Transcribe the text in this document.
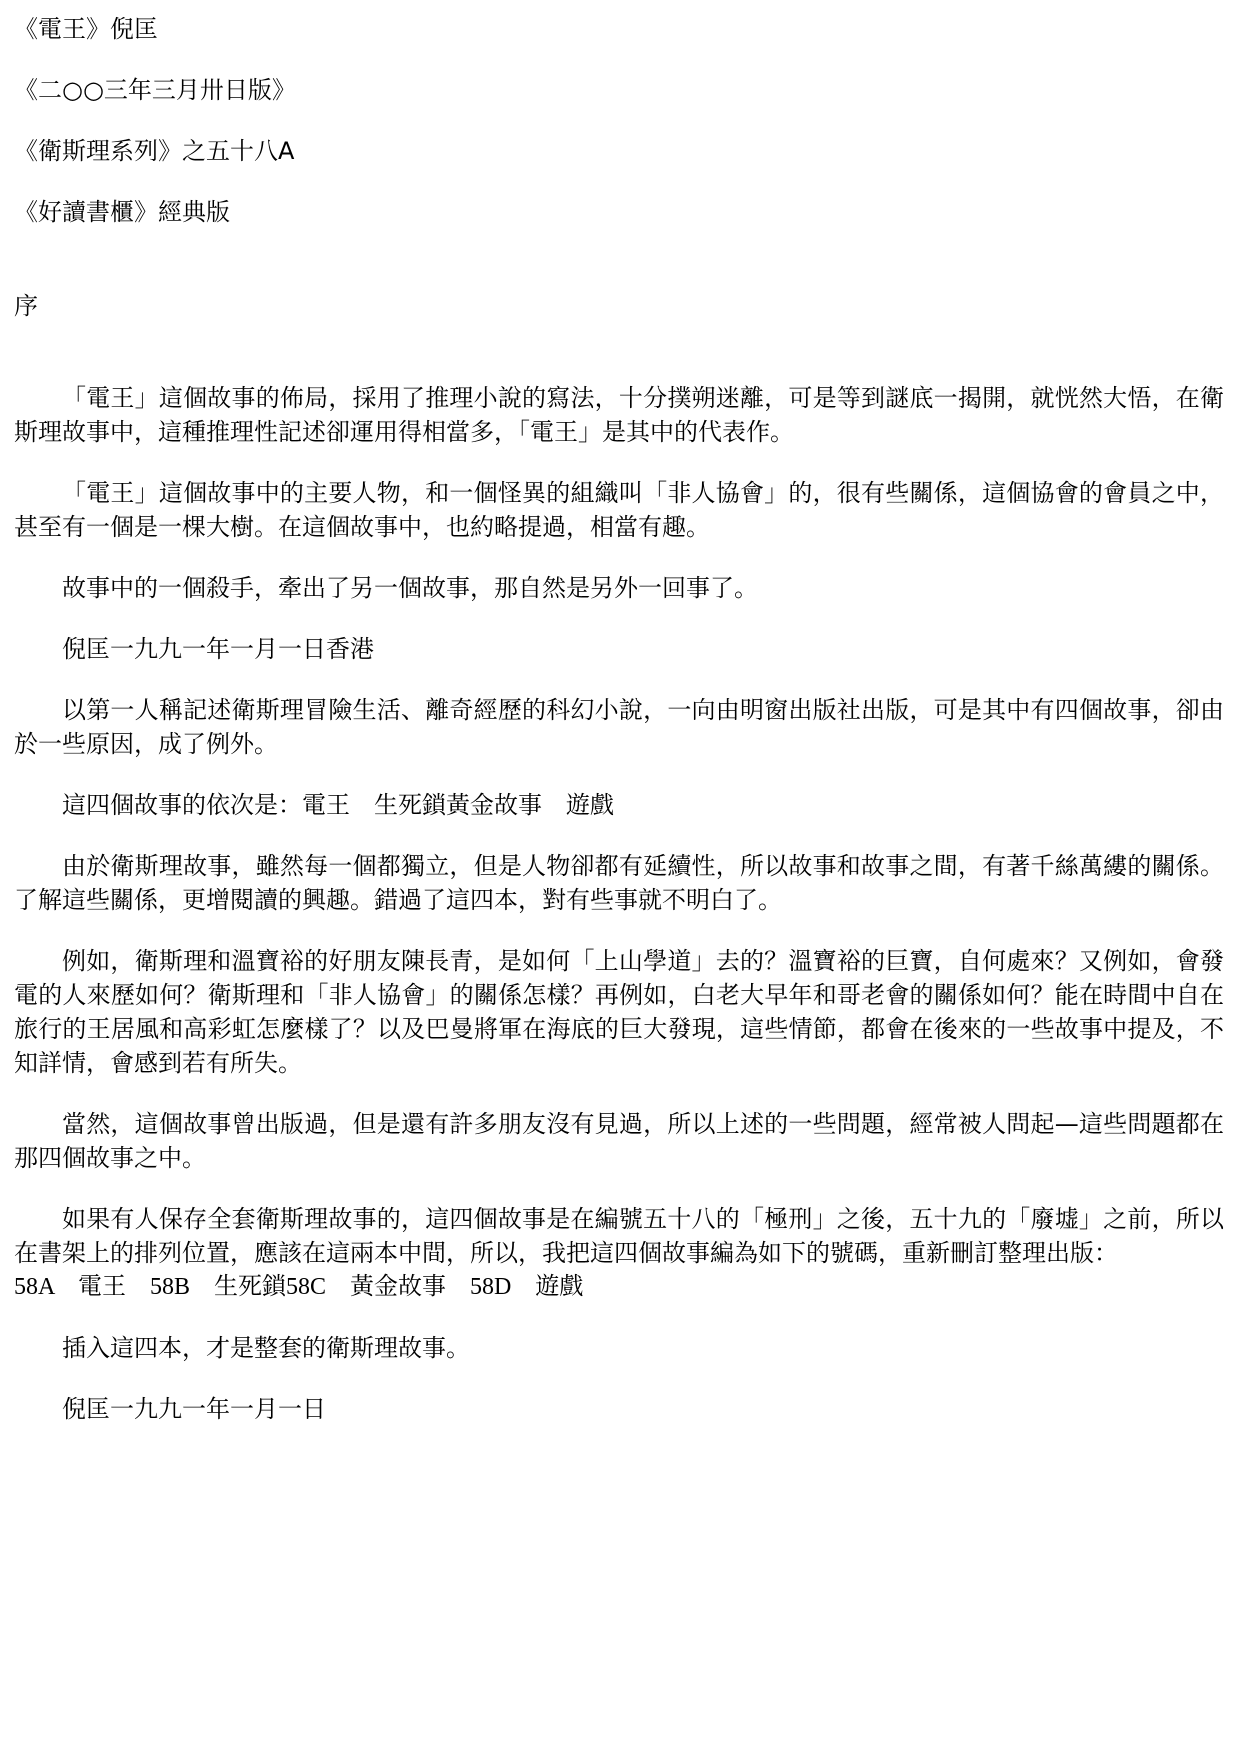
《電王》倪匡
《二○○三年三月卅日版》
《衛斯理系列》之五十八A
《好讀書櫃》經典版
序

「電王」這個故事的佈局，採用了推理小說的寫法，十分撲朔迷離，可是等到謎底一揭開，就恍然大悟，在衛斯理故事中，這種推理性記述卻運用得相當多，「電王」是其中的代表作。

「電王」這個故事中的主要人物，和一個怪異的組織叫「非人協會」的，很有些關係，這個協會的會員之中，甚至有一個是一棵大樹。在這個故事中，也約略提過，相當有趣。

故事中的一個殺手，牽出了另一個故事，那自然是另外一回事了。

倪匡一九九一年一月一日香港

以第一人稱記述衛斯理冒險生活、離奇經歷的科幻小說，一向由明窗出版社出版，可是其中有四個故事，卻由於一些原因，成了例外。

這四個故事的依次是：電王　生死鎖黃金故事　遊戲

由於衛斯理故事，雖然每一個都獨立，但是人物卻都有延續性，所以故事和故事之間，有著千絲萬縷的關係。了解這些關係，更增閱讀的興趣。錯過了這四本，對有些事就不明白了。

例如，衛斯理和溫寶裕的好朋友陳長青，是如何「上山學道」去的？溫寶裕的巨寶，自何處來？又例如，會發電的人來歷如何？衛斯理和「非人協會」的關係怎樣？再例如，白老大早年和哥老會的關係如何？能在時間中自在旅行的王居風和高彩虹怎麼樣了？以及巴曼將軍在海底的巨大發現，這些情節，都會在後來的一些故事中提及，不知詳情，會感到若有所失。

當然，這個故事曾出版過，但是還有許多朋友沒有見過，所以上述的一些問題，經常被人問起—這些問題都在那四個故事之中。

如果有人保存全套衛斯理故事的，這四個故事是在編號五十八的「極刑」之後，五十九的「廢墟」之前，所以在書架上的排列位置，應該在這兩本中間，所以，我把這四個故事編為如下的號碼，重新刪訂整理出版：
58A　電王　58B　生死鎖58C　黃金故事　58D　遊戲

插入這四本，才是整套的衛斯理故事。

倪匡一九九一年一月一日
